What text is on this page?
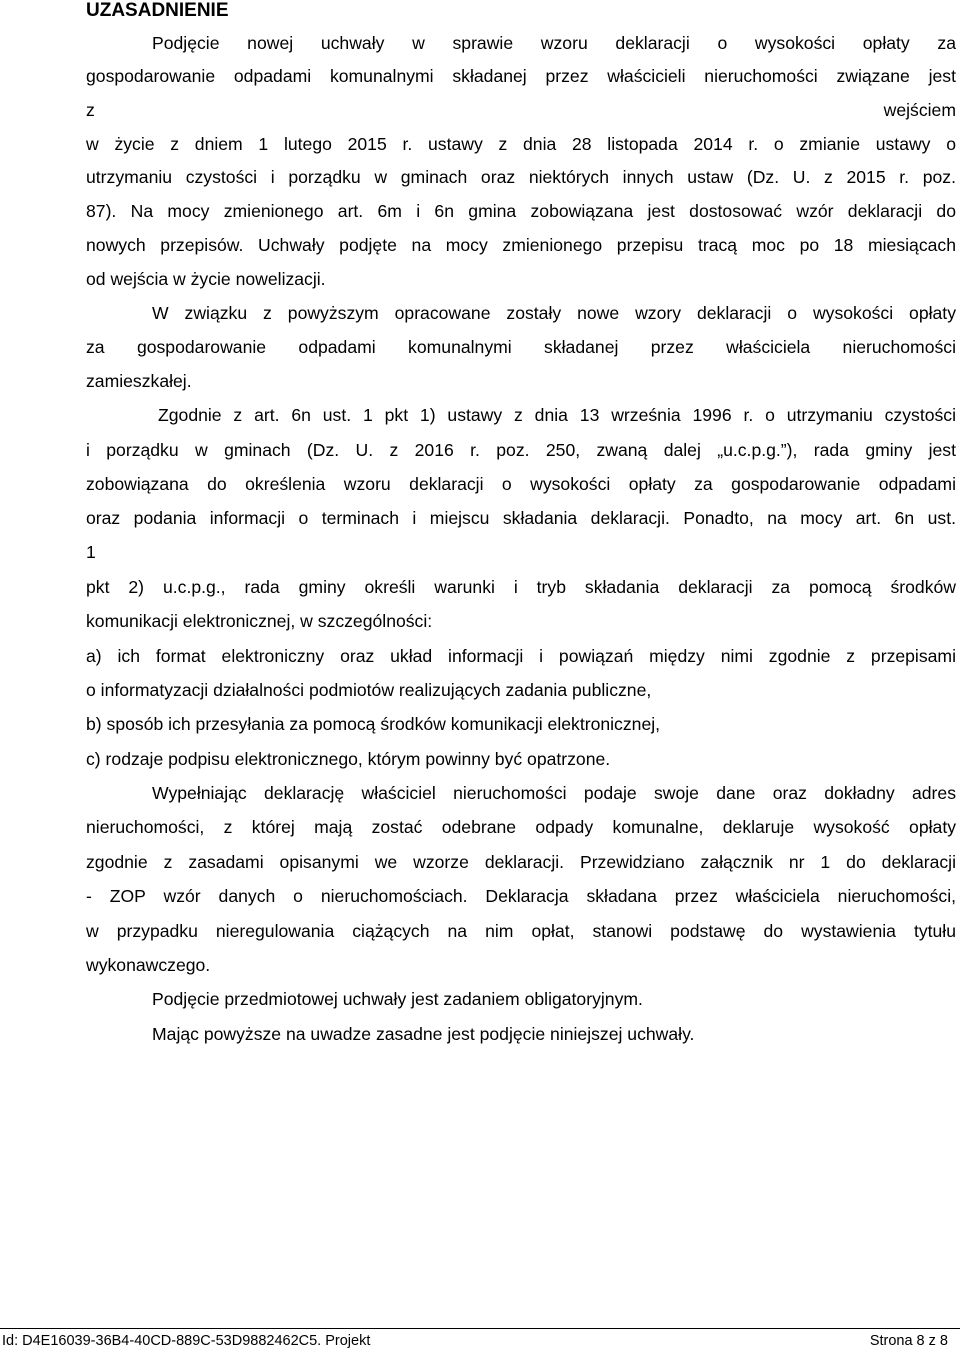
UZASADNIENIE
Podjęcie nowej uchwały w sprawie wzoru deklaracji o wysokości opłaty za
gospodarowanie odpadami komunalnymi składanej przez właścicieli nieruchomości związane jest
z	wejściem
w życie z dniem 1 lutego 2015 r. ustawy z dnia 28 listopada 2014 r. o zmianie ustawy o
utrzymaniu czystości i porządku w gminach oraz niektórych innych ustaw (Dz. U. z 2015 r. poz.
87). Na mocy zmienionego art. 6m i 6n gmina zobowiązana jest dostosować wzór deklaracji do
nowych przepisów. Uchwały podjęte na mocy zmienionego przepisu tracą moc po 18 miesiącach
od wejścia w życie nowelizacji.
W związku z powyższym opracowane zostały nowe wzory deklaracji o wysokości opłaty
za gospodarowanie odpadami komunalnymi składanej przez właściciela nieruchomości
zamieszkałej.
Zgodnie z art. 6n ust. 1 pkt 1) ustawy z dnia 13 września 1996 r. o utrzymaniu czystości
i porządku w gminach (Dz. U. z 2016 r. poz. 250, zwaną dalej „u.c.p.g.”), rada gminy jest
zobowiązana do określenia wzoru deklaracji o wysokości opłaty za gospodarowanie odpadami
oraz podania informacji o terminach i miejscu składania deklaracji. Ponadto, na mocy art. 6n ust.
1
pkt 2) u.c.p.g., rada gminy określi warunki i tryb składania deklaracji za pomocą środków
komunikacji elektronicznej, w szczególności:
a) ich format elektroniczny oraz układ informacji i powiązań między nimi zgodnie z przepisami
o informatyzacji działalności podmiotów realizujących zadania publiczne,
b) sposób ich przesyłania za pomocą środków komunikacji elektronicznej,
c) rodzaje podpisu elektronicznego, którym powinny być opatrzone.
Wypełniając deklarację właściciel nieruchomości podaje swoje dane oraz dokładny adres
nieruchomości, z której mają zostać odebrane odpady komunalne, deklaruje wysokość opłaty
zgodnie z zasadami opisanymi we wzorze deklaracji. Przewidziano załącznik nr 1 do deklaracji
- ZOP wzór danych o nieruchomościach. Deklaracja składana przez właściciela nieruchomości,
w przypadku nieregulowania ciążących na nim opłat, stanowi podstawę do wystawienia tytułu
wykonawczego.
Podjęcie przedmiotowej uchwały jest zadaniem obligatoryjnym.
Mając powyższe na uwadze zasadne jest podjęcie niniejszej uchwały.
Id: D4E16039-36B4-40CD-889C-53D9882462C5. Projekt	Strona 8 z 8
